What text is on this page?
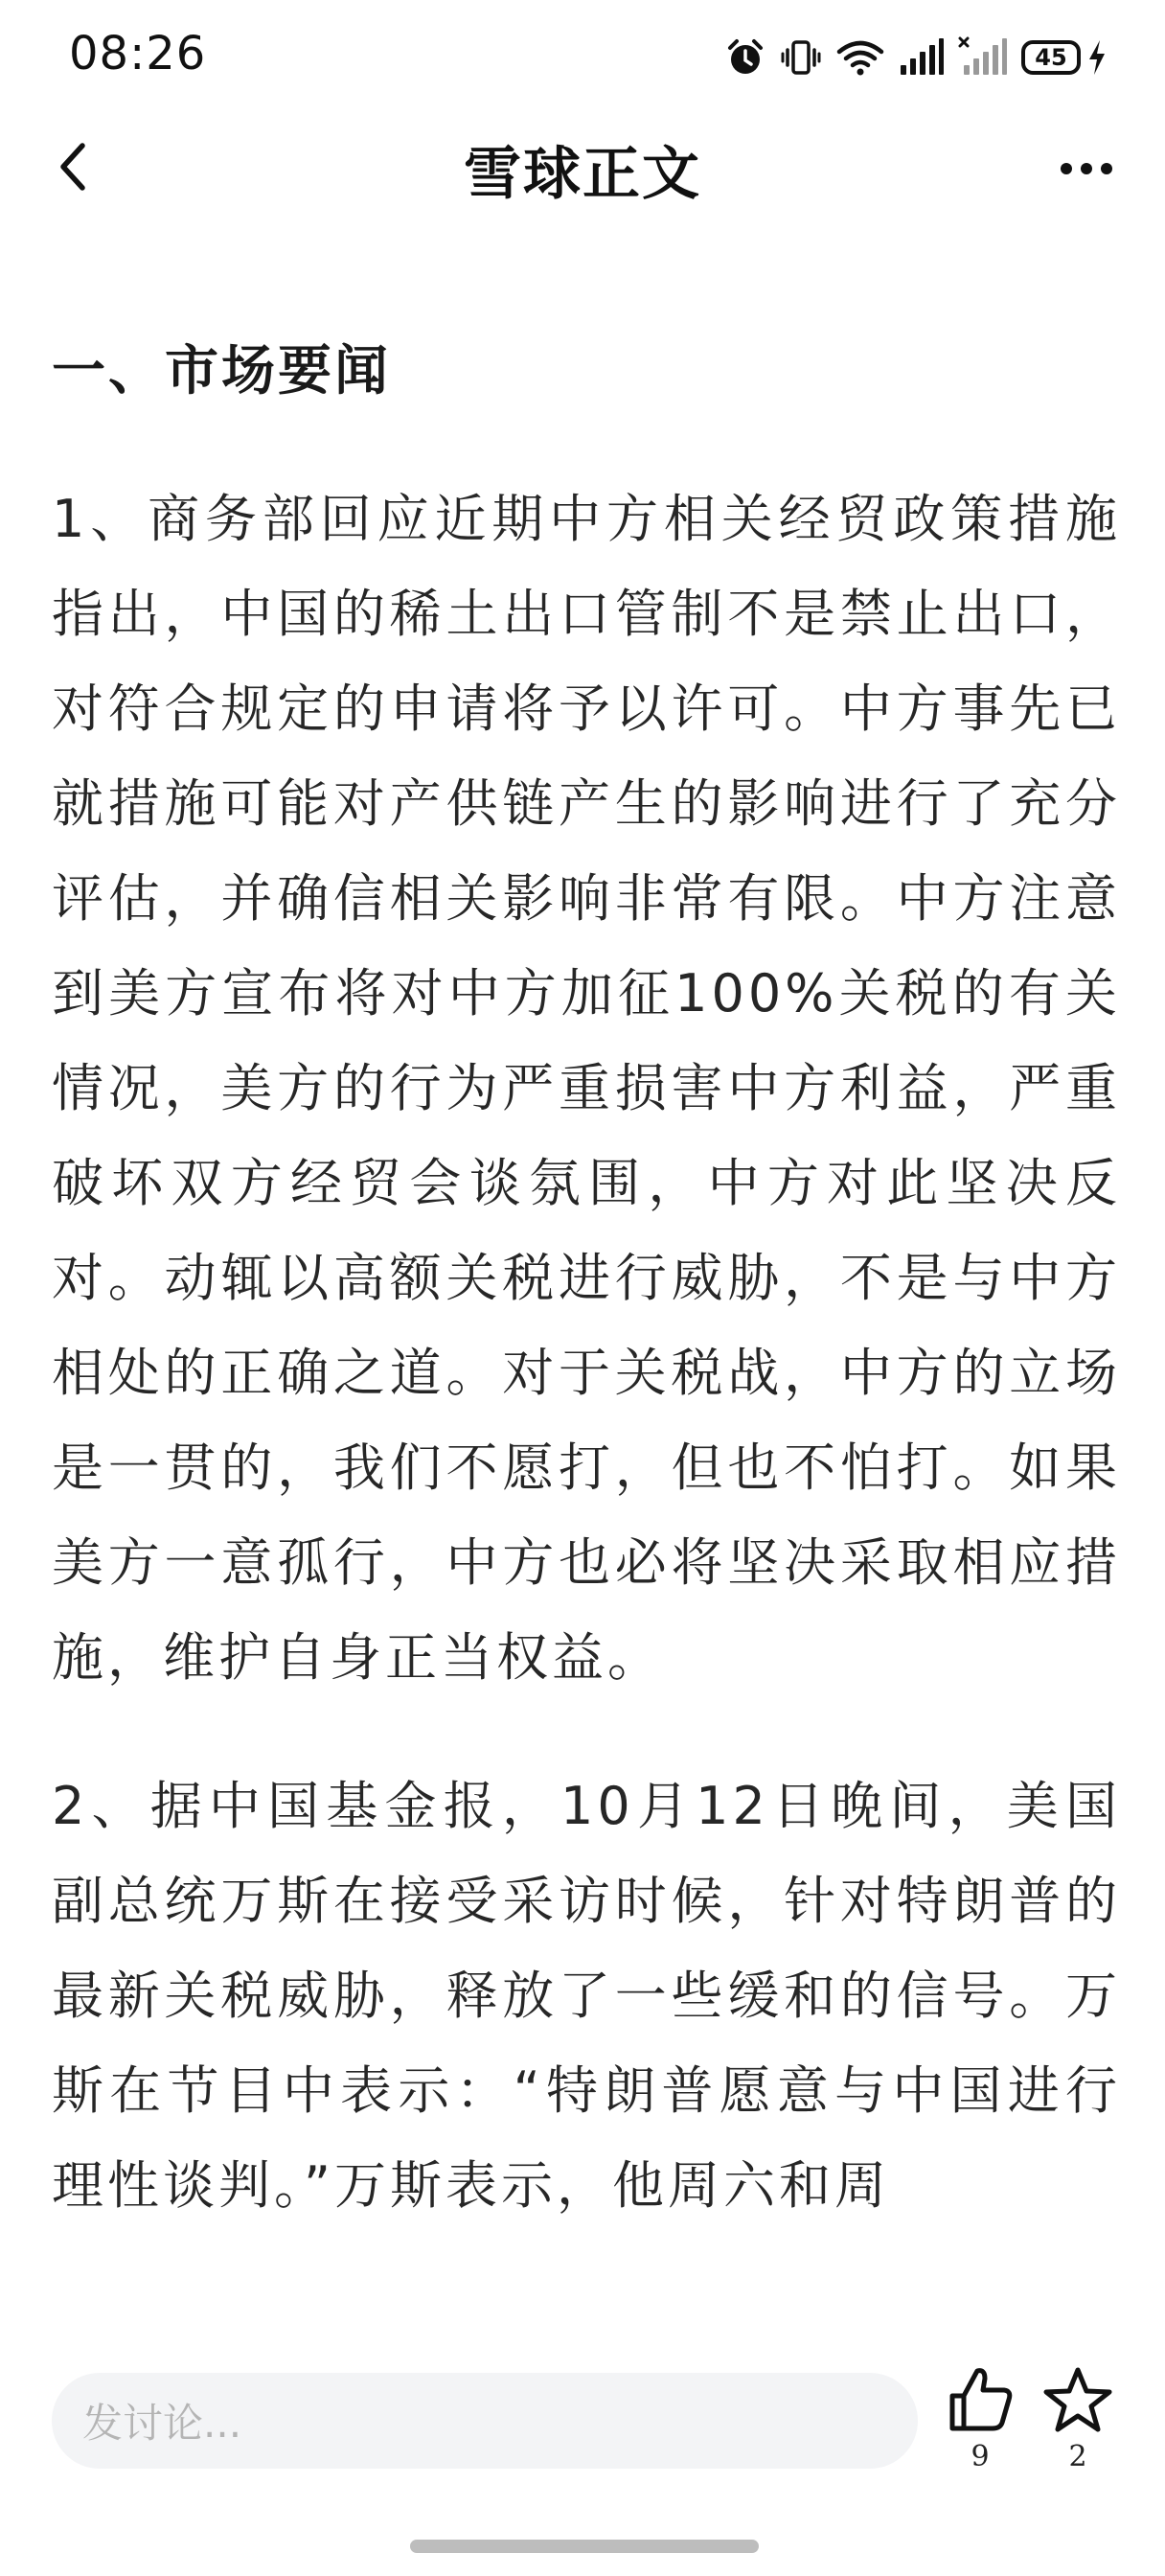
08:26	45
雪球正文
一、市场要闻

1、商务部回应近期中方相关经贸政策措施指出，中国的稀土出口管制不是禁止出口，对符合规定的申请将予以许可。中方事先已就措施可能对产供链产生的影响进行了充分评估，并确信相关影响非常有限。中方注意到美方宣布将对中方加征100%关税的有关情况，美方的行为严重损害中方利益，严重破坏双方经贸会谈氛围，中方对此坚决反对。动辄以高额关税进行威胁，不是与中方相处的正确之道。对于关税战，中方的立场是一贯的，我们不愿打，但也不怕打。如果美方一意孤行，中方也必将坚决采取相应措施，维护自身正当权益。

2、据中国基金报，10月12日晚间，美国副总统万斯在接受采访时候，针对特朗普的最新关税威胁，释放了一些缓和的信号。万斯在节目中表示：“特朗普愿意与中国进行理性谈判。”万斯表示，他周六和周

发讨论...
9	2
